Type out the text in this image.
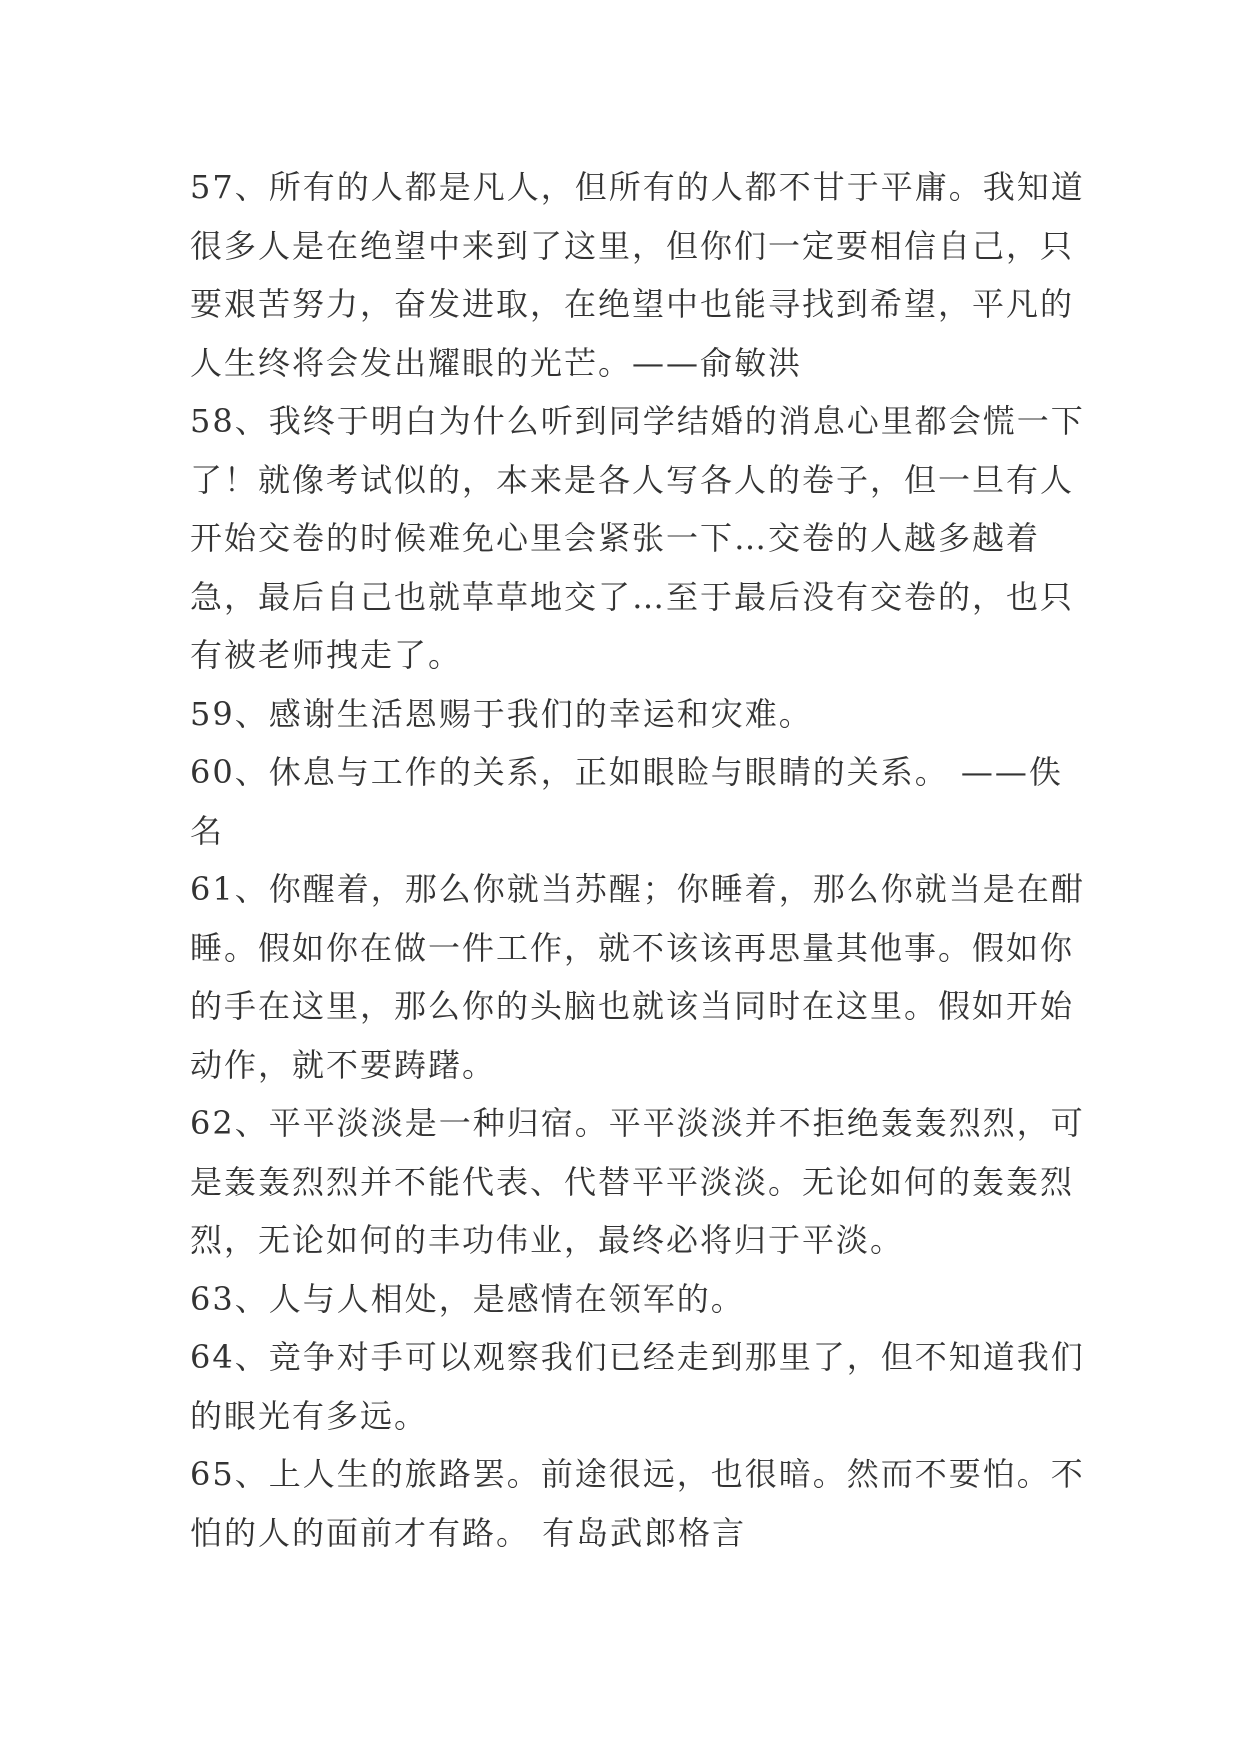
57、所有的人都是凡人，但所有的人都不甘于平庸。我知道
很多人是在绝望中来到了这里，但你们一定要相信自己，只
要艰苦努力，奋发进取，在绝望中也能寻找到希望，平凡的
人生终将会发出耀眼的光芒。——俞敏洪
58、我终于明白为什么听到同学结婚的消息心里都会慌一下
了！就像考试似的，本来是各人写各人的卷子，但一旦有人
开始交卷的时候难免心里会紧张一下…交卷的人越多越着
急，最后自己也就草草地交了…至于最后没有交卷的，也只
有被老师拽走了。
59、感谢生活恩赐于我们的幸运和灾难。
60、休息与工作的关系，正如眼睑与眼睛的关系。 ——佚
名
61、你醒着，那么你就当苏醒；你睡着，那么你就当是在酣
睡。假如你在做一件工作，就不该该再思量其他事。假如你
的手在这里，那么你的头脑也就该当同时在这里。假如开始
动作，就不要踌躇。
62、平平淡淡是一种归宿。平平淡淡并不拒绝轰轰烈烈，可
是轰轰烈烈并不能代表、代替平平淡淡。无论如何的轰轰烈
烈，无论如何的丰功伟业，最终必将归于平淡。
63、人与人相处，是感情在领军的。
64、竞争对手可以观察我们已经走到那里了，但不知道我们
的眼光有多远。
65、上人生的旅路罢。前途很远，也很暗。然而不要怕。不
怕的人的面前才有路。 有岛武郎格言
